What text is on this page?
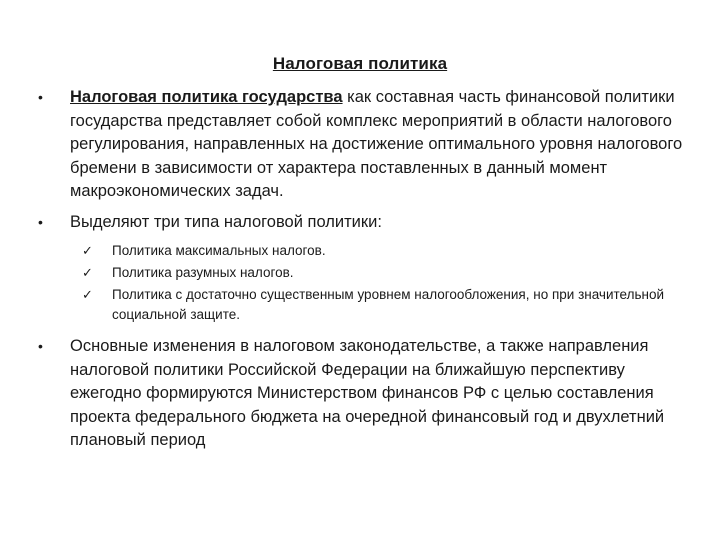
Налоговая политика
• Налоговая политика государства как составная часть финансовой политики государства представляет собой комплекс мероприятий в области налогового регулирования, направленных на достижение оптимального уровня налогового бремени в зависимости от характера поставленных в данный момент макроэкономических задач.
• Выделяют три типа налоговой политики:
✓ Политика максимальных налогов.
✓ Политика разумных налогов.
✓ Политика с достаточно существенным уровнем налогообложения, но при значительной социальной защите.
• Основные изменения в налоговом законодательстве, а также направления налоговой политики Российской Федерации на ближайшую перспективу ежегодно формируются Министерством финансов РФ с целью составления проекта федерального бюджета на очередной финансовый год и двухлетний плановый период
